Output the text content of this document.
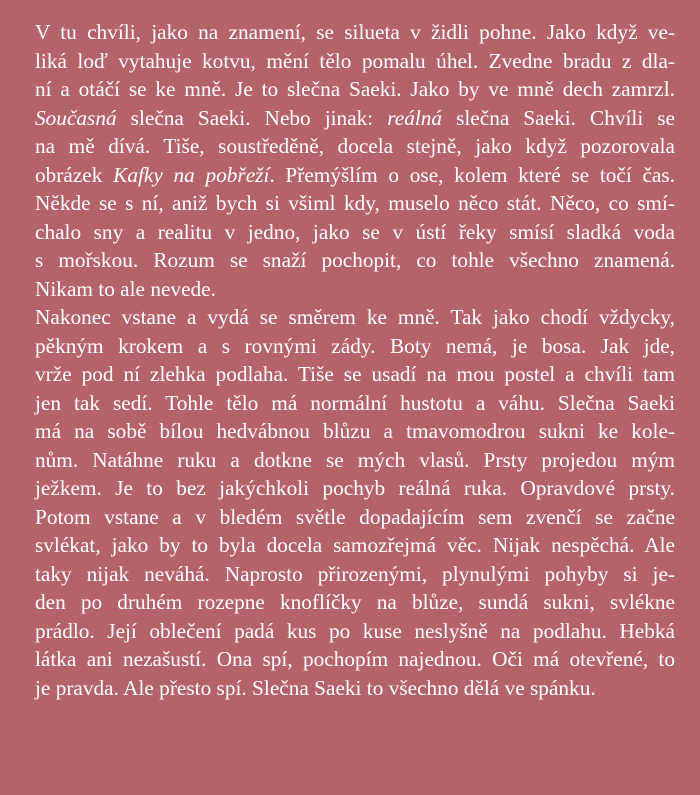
V tu chvíli, jako na znamení, se silueta v židli pohne. Jako když ve-
liká loď vytahuje kotvu, mění tělo pomalu úhel. Zvedne bradu z dla-
ní a otáčí se ke mně. Je to slečna Saeki. Jako by ve mně dech zamrzl.
Současná slečna Saeki. Nebo jinak: reálná slečna Saeki. Chvíli se
na mě dívá. Tiše, soustředěně, docela stejně, jako když pozorovala
obrázek Kafky na pobřeží. Přemýšlím o ose, kolem které se točí čas.
Někde se s ní, aniž bych si všiml kdy, muselo něco stát. Něco, co smí-
chalo sny a realitu v jedno, jako se v ústí řeky smísí sladká voda
s mořskou. Rozum se snaží pochopit, co tohle všechno znamená.
Nikam to ale nevede.
Nakonec vstane a vydá se směrem ke mně. Tak jako chodí vždycky,
pěkným krokem a s rovnými zády. Boty nemá, je bosa. Jak jde,
vrže pod ní zlehka podlaha. Tiše se usadí na mou postel a chvíli tam
jen tak sedí. Tohle tělo má normální hustotu a váhu. Slečna Saeki
má na sobě bílou hedvábnou blůzu a tmavomodrou sukni ke kole-
nům. Natáhne ruku a dotkne se mých vlasů. Prsty projedou mým
ježkem. Je to bez jakýchkoli pochyb reálná ruka. Opravdové prsty.
Potom vstane a v bledém světle dopadajícím sem zvenčí se začne
svlékat, jako by to byla docela samozřejmá věc. Nijak nespěchá. Ale
taky nijak neváhá. Naprosto přirozenými, plynulými pohyby si je-
den po druhém rozepne knoflíčky na blůze, sundá sukni, svlékne
prádlo. Její oblečení padá kus po kuse neslyšně na podlahu. Hebká
látka ani nezašustí. Ona spí, pochopím najednou. Oči má otevřené, to
je pravda. Ale přesto spí. Slečna Saeki to všechno dělá ve spánku.
